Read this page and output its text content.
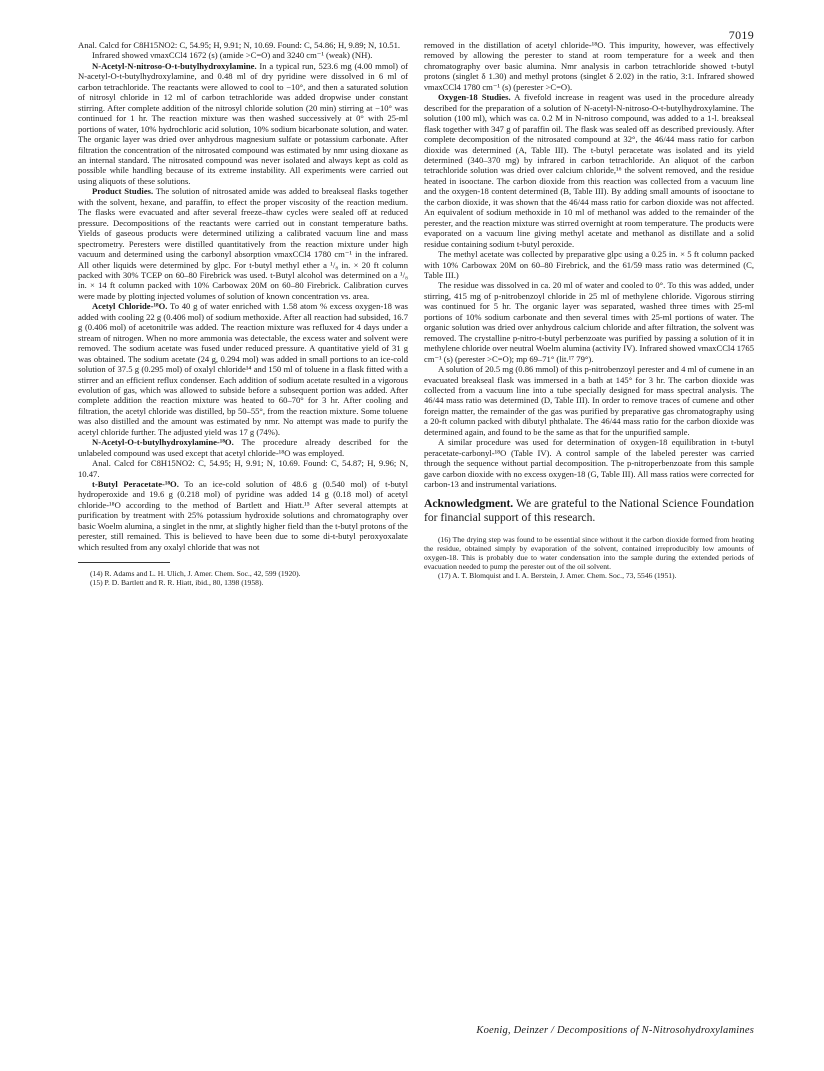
7019

Anal. Calcd for C8H15NO2: C, 54.95; H, 9.91; N, 10.69. Found: C, 54.86; H, 9.89; N, 10.51.

Infrared showed νmaxCCl4 1672 (s) (amide >C=O) and 3240 cm⁻¹ (weak) (NH).

N-Acetyl-N-nitroso-O-t-butylhydroxylamine. In a typical run, 523.6 mg (4.00 mmol) of N-acetyl-O-t-butylhydroxylamine, and 0.48 ml of dry pyridine were dissolved in 6 ml of carbon tetrachloride. The reactants were allowed to cool to −10°, and then a saturated solution of nitrosyl chloride in 12 ml of carbon tetrachloride was added dropwise under constant stirring. After complete addition of the nitrosyl chloride solution (20 min) stirring at −10° was continued for 1 hr. The reaction mixture was then washed successively at 0° with 25-ml portions of water, 10% hydrochloric acid solution, 10% sodium bicarbonate solution, and water. The organic layer was dried over anhydrous magnesium sulfate or potassium carbonate. After filtration the concentration of the nitrosated compound was estimated by nmr using dioxane as an internal standard. The nitrosated compound was never isolated and always kept as cold as possible while handling because of its extreme instability. All experiments were carried out using aliquots of these solutions.

Product Studies. The solution of nitrosated amide was added to breakseal flasks together with the solvent, hexane, and paraffin, to effect the proper viscosity of the reaction medium. The flasks were evacuated and after several freeze–thaw cycles were sealed off at reduced pressure. Decompositions of the reactants were carried out in constant temperature baths. Yields of gaseous products were determined utilizing a calibrated vacuum line and mass spectrometry. Peresters were distilled quantitatively from the reaction mixture under high vacuum and determined using the carbonyl absorption νmaxCCl4 1780 cm⁻¹ in the infrared. All other liquids were determined by glpc. For t-butyl methyl ether a ¹/₈ in. × 20 ft column packed with 30% TCEP on 60–80 Firebrick was used. t-Butyl alcohol was determined on a ¹/₈ in. × 14 ft column packed with 10% Carbowax 20M on 60–80 Firebrick. Calibration curves were made by plotting injected volumes of solution of known concentration vs. area.

Acetyl Chloride-¹⁸O. To 40 g of water enriched with 1.58 atom % excess oxygen-18 was added with cooling 22 g (0.406 mol) of sodium methoxide. After all reaction had subsided, 16.7 g (0.406 mol) of acetonitrile was added. The reaction mixture was refluxed for 4 days under a stream of nitrogen. When no more ammonia was detectable, the excess water and solvent were removed. The sodium acetate was fused under reduced pressure. A quantitative yield of 31 g was obtained. The sodium acetate (24 g, 0.294 mol) was added in small portions to an ice-cold solution of 37.5 g (0.295 mol) of oxalyl chloride¹⁴ and 150 ml of toluene in a flask fitted with a stirrer and an efficient reflux condenser. Each addition of sodium acetate resulted in a vigorous evolution of gas, which was allowed to subside before a subsequent portion was added. After complete addition the reaction mixture was heated to 60–70° for 3 hr. After cooling and filtration, the acetyl chloride was distilled, bp 50–55°, from the reaction mixture. Some toluene was also distilled and the amount was estimated by nmr. No attempt was made to purify the acetyl chloride further. The adjusted yield was 17 g (74%).

N-Acetyl-O-t-butylhydroxylamine-¹⁸O. The procedure already described for the unlabeled compound was used except that acetyl chloride-¹⁸O was employed.

Anal. Calcd for C8H15NO2: C, 54.95; H, 9.91; N, 10.69. Found: C, 54.87; H, 9.96; N, 10.47.

t-Butyl Peracetate-¹⁸O. To an ice-cold solution of 48.6 g (0.540 mol) of t-butyl hydroperoxide and 19.6 g (0.218 mol) of pyridine was added 14 g (0.18 mol) of acetyl chloride-¹⁸O according to the method of Bartlett and Hiatt.¹⁵ After several attempts at purification by treatment with 25% potassium hydroxide solutions and chromatography over basic Woelm alumina, a singlet in the nmr, at slightly higher field than the t-butyl protons of the perester, still remained. This is believed to have been due to some di-t-butyl peroxyoxalate which resulted from any oxalyl chloride that was not

(14) R. Adams and L. H. Ulich, J. Amer. Chem. Soc., 42, 599 (1920).

(15) P. D. Bartlett and R. R. Hiatt, ibid., 80, 1398 (1958).

removed in the distillation of acetyl chloride-¹⁸O. This impurity, however, was effectively removed by allowing the perester to stand at room temperature for a week and then chromatography over basic alumina. Nmr analysis in carbon tetrachloride showed t-butyl protons (singlet δ 1.30) and methyl protons (singlet δ 2.02) in the ratio, 3:1. Infrared showed νmaxCCl4 1780 cm⁻¹ (s) (perester >C=O).

Oxygen-18 Studies. A fivefold increase in reagent was used in the procedure already described for the preparation of a solution of N-acetyl-N-nitroso-O-t-butylhydroxylamine. The solution (100 ml), which was ca. 0.2 M in N-nitroso compound, was added to a 1-l. breakseal flask together with 347 g of paraffin oil. The flask was sealed off as described previously. After complete decomposition of the nitrosated compound at 32°, the 46/44 mass ratio for carbon dioxide was determined (A, Table III). The t-butyl peracetate was isolated and its yield determined (340–370 mg) by infrared in carbon tetrachloride. An aliquot of the carbon tetrachloride solution was dried over calcium chloride,¹⁶ the solvent removed, and the residue heated in isooctane. The carbon dioxide from this reaction was collected from a vacuum line and the oxygen-18 content determined (B, Table III). By adding small amounts of isooctane to the carbon dioxide, it was shown that the 46/44 mass ratio for carbon dioxide was not affected. An equivalent of sodium methoxide in 10 ml of methanol was added to the remainder of the perester, and the reaction mixture was stirred overnight at room temperature. The products were evaporated on a vacuum line giving methyl acetate and methanol as distillate and a solid residue containing sodium t-butyl peroxide.

The methyl acetate was collected by preparative glpc using a 0.25 in. × 5 ft column packed with 10% Carbowax 20M on 60–80 Firebrick, and the 61/59 mass ratio was determined (C, Table III.)

The residue was dissolved in ca. 20 ml of water and cooled to 0°. To this was added, under stirring, 415 mg of p-nitrobenzoyl chloride in 25 ml of methylene chloride. Vigorous stirring was continued for 5 hr. The organic layer was separated, washed three times with 25-ml portions of 10% sodium carbonate and then several times with 25-ml portions of water. The organic solution was dried over anhydrous calcium chloride and after filtration, the solvent was removed. The crystalline p-nitro-t-butyl perbenzoate was purified by passing a solution of it in methylene chloride over neutral Woelm alumina (activity IV). Infrared showed νmaxCCl4 1765 cm⁻¹ (s) (perester >C=O); mp 69–71° (lit.¹⁷ 79°).

A solution of 20.5 mg (0.86 mmol) of this p-nitrobenzoyl perester and 4 ml of cumene in an evacuated breakseal flask was immersed in a bath at 145° for 3 hr. The carbon dioxide was collected from a vacuum line into a tube specially designed for mass spectral analysis. The 46/44 mass ratio was determined (D, Table III). In order to remove traces of cumene and other foreign matter, the remainder of the gas was purified by preparative gas chromatography using a 20-ft column packed with dibutyl phthalate. The 46/44 mass ratio for the carbon dioxide was determined again, and found to be the same as that for the unpurified sample.

A similar procedure was used for determination of oxygen-18 equilibration in t-butyl peracetate-carbonyl-¹⁸O (Table IV). A control sample of the labeled perester was carried through the sequence without partial decomposition. The p-nitroperbenzoate from this sample gave carbon dioxide with no excess oxygen-18 (G, Table III). All mass ratios were corrected for carbon-13 and instrumental variations.

Acknowledgment. We are grateful to the National Science Foundation for financial support of this research.

(16) The drying step was found to be essential since without it the carbon dioxide formed from heating the residue, obtained simply by evaporation of the solvent, contained irreproducibly low amounts of oxygen-18. This is probably due to water condensation into the sample during the extended periods of evacuation needed to pump the perester out of the oil solvent.

(17) A. T. Blomquist and I. A. Berstein, J. Amer. Chem. Soc., 73, 5546 (1951).

Koenig, Deinzer / Decompositions of N-Nitrosohydroxylamines
